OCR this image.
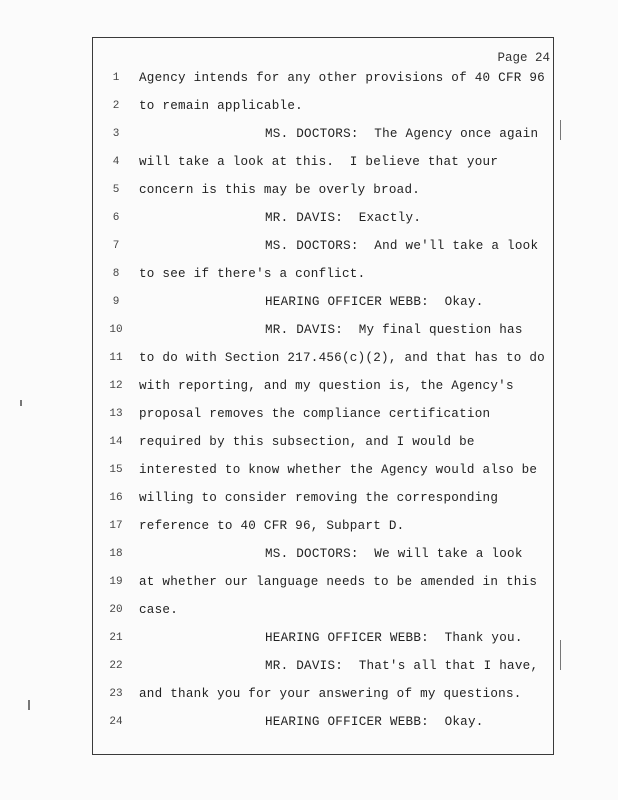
Page 24
1	Agency intends for any other provisions of 40 CFR 96
2	to remain applicable.
3	MS. DOCTORS:  The Agency once again
4	will take a look at this.  I believe that your
5	concern is this may be overly broad.
6	MR. DAVIS:  Exactly.
7	MS. DOCTORS:  And we'll take a look
8	to see if there's a conflict.
9	HEARING OFFICER WEBB:  Okay.
10	MR. DAVIS:  My final question has
11	to do with Section 217.456(c)(2), and that has to do
12	with reporting, and my question is, the Agency's
13	proposal removes the compliance certification
14	required by this subsection, and I would be
15	interested to know whether the Agency would also be
16	willing to consider removing the corresponding
17	reference to 40 CFR 96, Subpart D.
18	MS. DOCTORS:  We will take a look
19	at whether our language needs to be amended in this
20	case.
21	HEARING OFFICER WEBB:  Thank you.
22	MR. DAVIS:  That's all that I have,
23	and thank you for your answering of my questions.
24	HEARING OFFICER WEBB:  Okay.
